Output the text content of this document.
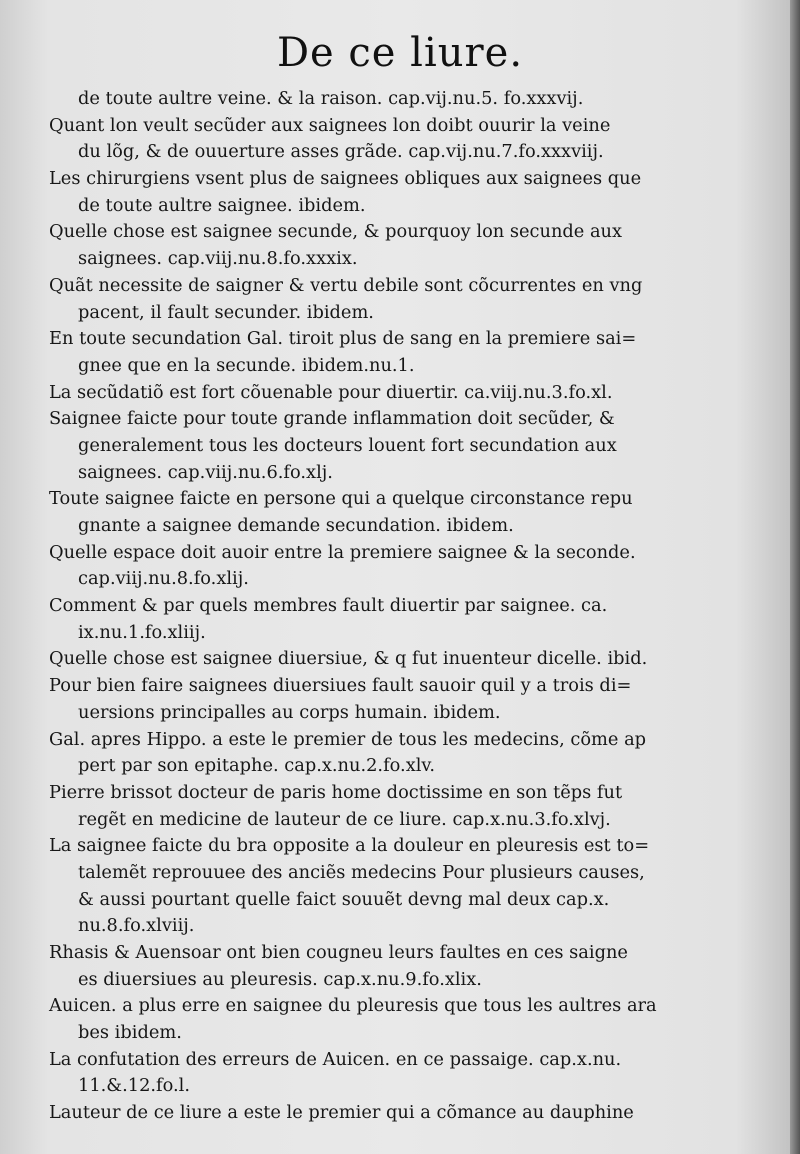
De ce liure.
de toute aultre veine. & la raison. cap.vij.nu.5. fo.xxxvij.
Quant lon veult secũder aux saignees lon doibt ouurir la veine
du lõg, & de ouuerture asses grãde. cap.vij.nu.7.fo.xxxviij.
Les chirurgiens vsent plus de saignees obliques aux saignees que
de toute aultre saignee. ibidem.
Quelle chose est saignee secunde, & pourquoy lon secunde aux
saignees. cap.viij.nu.8.fo.xxxix.
Quãt necessite de saigner & vertu debile sont cõcurrentes en vng
pacent, il fault secunder. ibidem.
En toute secundation Gal. tiroit plus de sang en la premiere sai=
gnee que en la secunde. ibidem.nu.1.
La secũdatiõ est fort cõuenable pour diuertir. ca.viij.nu.3.fo.xl.
Saignee faicte pour toute grande inflammation doit secũder, &
generalement tous les docteurs louent fort secundation aux
saignees. cap.viij.nu.6.fo.xlj.
Toute saignee faicte en persone qui a quelque circonstance repu
gnante a saignee demande secundation. ibidem.
Quelle espace doit auoir entre la premiere saignee & la seconde.
cap.viij.nu.8.fo.xlij.
Comment & par quels membres fault diuertir par saignee. ca.
ix.nu.1.fo.xliij.
Quelle chose est saignee diuersiue, & q fut inuenteur dicelle. ibid.
Pour bien faire saignees diuersiues fault sauoir quil y a trois di=
uersions principalles au corps humain. ibidem.
Gal. apres Hippo. a este le premier de tous les medecins, cõme ap
pert par son epitaphe. cap.x.nu.2.fo.xlv.
Pierre brissot docteur de paris home doctissime en son tẽps fut
regẽt en medicine de lauteur de ce liure. cap.x.nu.3.fo.xlvj.
La saignee faicte du bra opposite a la douleur en pleuresis est to=
talemẽt reprouuee des anciẽs medecins Pour plusieurs causes,
& aussi pourtant quelle faict souuẽt devng mal deux cap.x.
nu.8.fo.xlviij.
Rhasis & Auensoar ont bien cougneu leurs faultes en ces saigne
es diuersiues au pleuresis. cap.x.nu.9.fo.xlix.
Auicen. a plus erre en saignee du pleuresis que tous les aultres ara
bes ibidem.
La confutation des erreurs de Auicen. en ce passaige. cap.x.nu.
11.&.12.fo.l.
Lauteur de ce liure a este le premier qui a cõmance au dauphine
